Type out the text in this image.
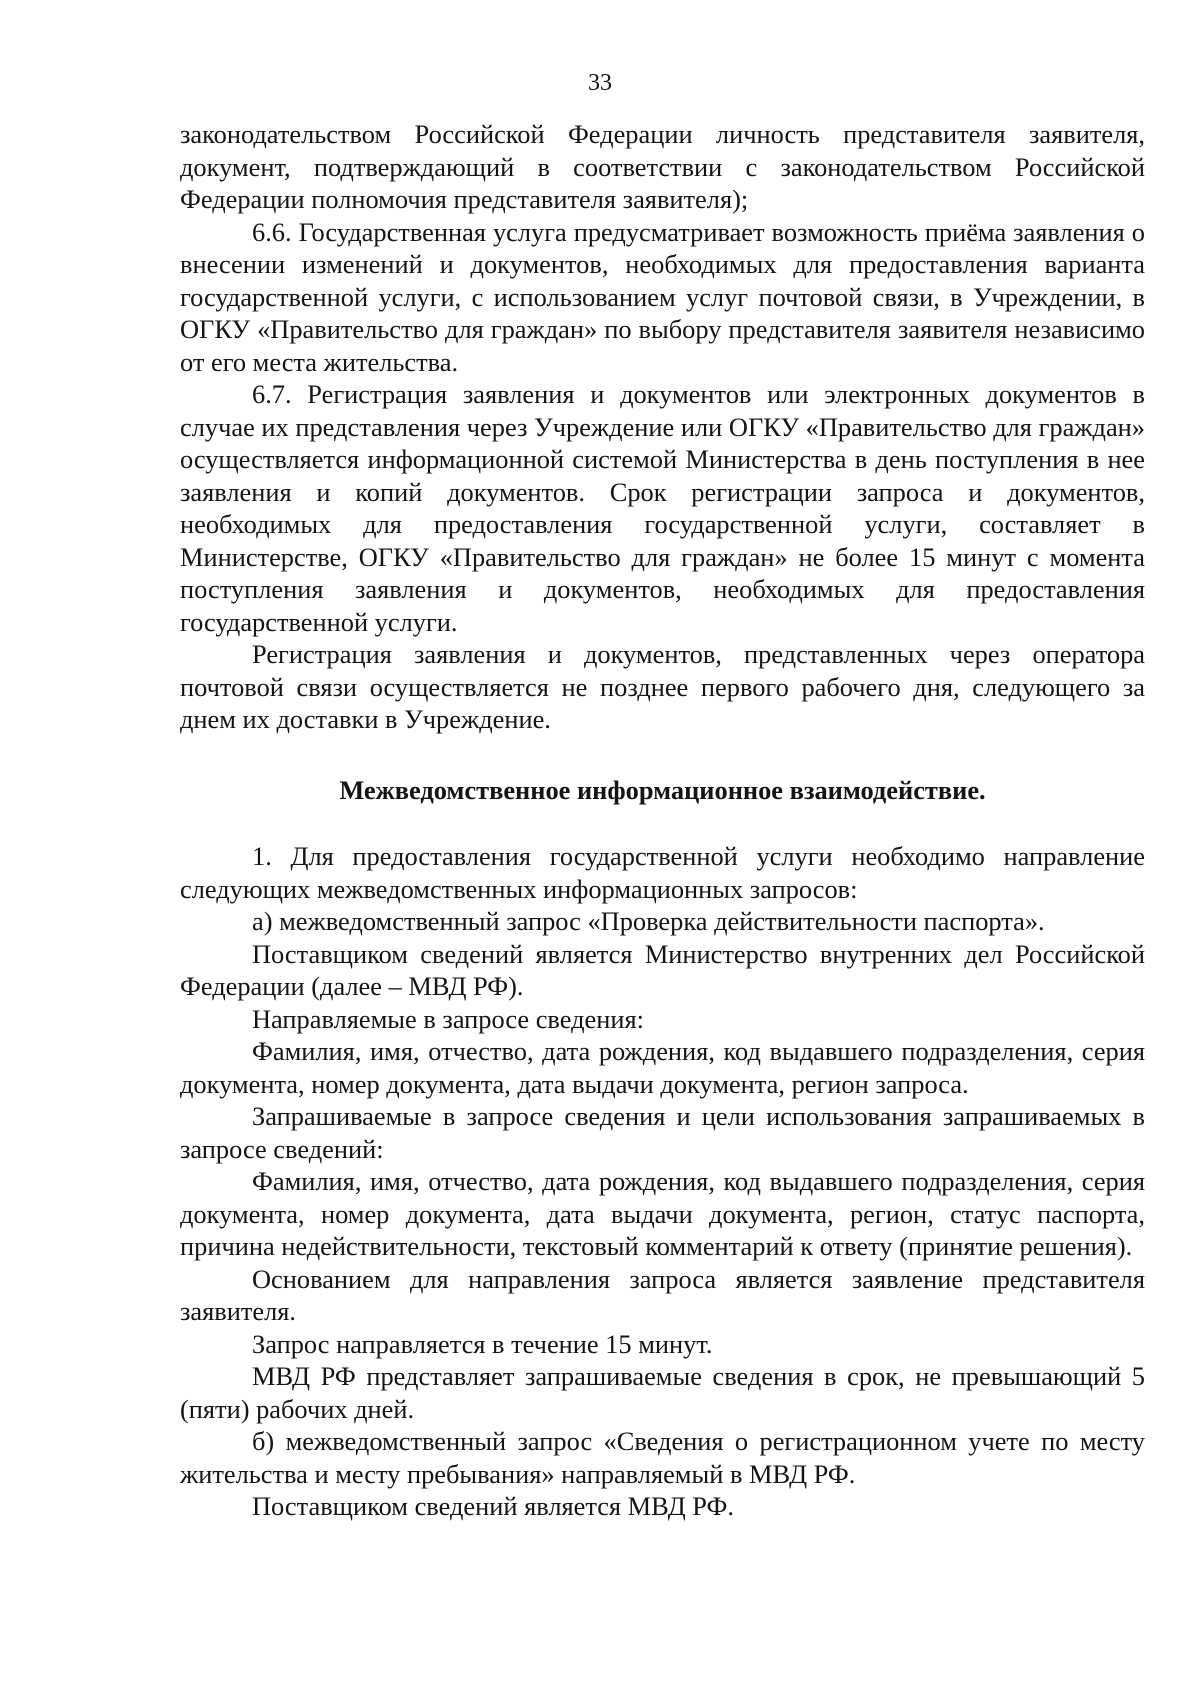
33

законодательством Российской Федерации личность представителя заявителя, документ, подтверждающий в соответствии с законодательством Российской Федерации полномочия представителя заявителя);

6.6. Государственная услуга предусматривает возможность приёма заявления о внесении изменений и документов, необходимых для предоставления варианта государственной услуги, с использованием услуг почтовой связи, в Учреждении, в ОГКУ «Правительство для граждан» по выбору представителя заявителя независимо от его места жительства.

6.7. Регистрация заявления и документов или электронных документов в случае их представления через Учреждение или ОГКУ «Правительство для граждан» осуществляется информационной системой Министерства в день поступления в нее заявления и копий документов. Срок регистрации запроса и документов, необходимых для предоставления государственной услуги, составляет в Министерстве, ОГКУ «Правительство для граждан» не более 15 минут с момента поступления заявления и документов, необходимых для предоставления государственной услуги.

Регистрация заявления и документов, представленных через оператора почтовой связи осуществляется не позднее первого рабочего дня, следующего за днем их доставки в Учреждение.

Межведомственное информационное взаимодействие.

1. Для предоставления государственной услуги необходимо направление следующих межведомственных информационных запросов:

а) межведомственный запрос «Проверка действительности паспорта».

Поставщиком сведений является Министерство внутренних дел Российской Федерации (далее – МВД РФ).

Направляемые в запросе сведения:

Фамилия, имя, отчество, дата рождения, код выдавшего подразделения, серия документа, номер документа, дата выдачи документа, регион запроса.

Запрашиваемые в запросе сведения и цели использования запрашиваемых в запросе сведений:

Фамилия, имя, отчество, дата рождения, код выдавшего подразделения, серия документа, номер документа, дата выдачи документа, регион, статус паспорта, причина недействительности, текстовый комментарий к ответу (принятие решения).

Основанием для направления запроса является заявление представителя заявителя.

Запрос направляется в течение 15 минут.

МВД РФ представляет запрашиваемые сведения в срок, не превышающий 5 (пяти) рабочих дней.

б) межведомственный запрос «Сведения о регистрационном учете по месту жительства и месту пребывания» направляемый в МВД РФ.

Поставщиком сведений является МВД РФ.
